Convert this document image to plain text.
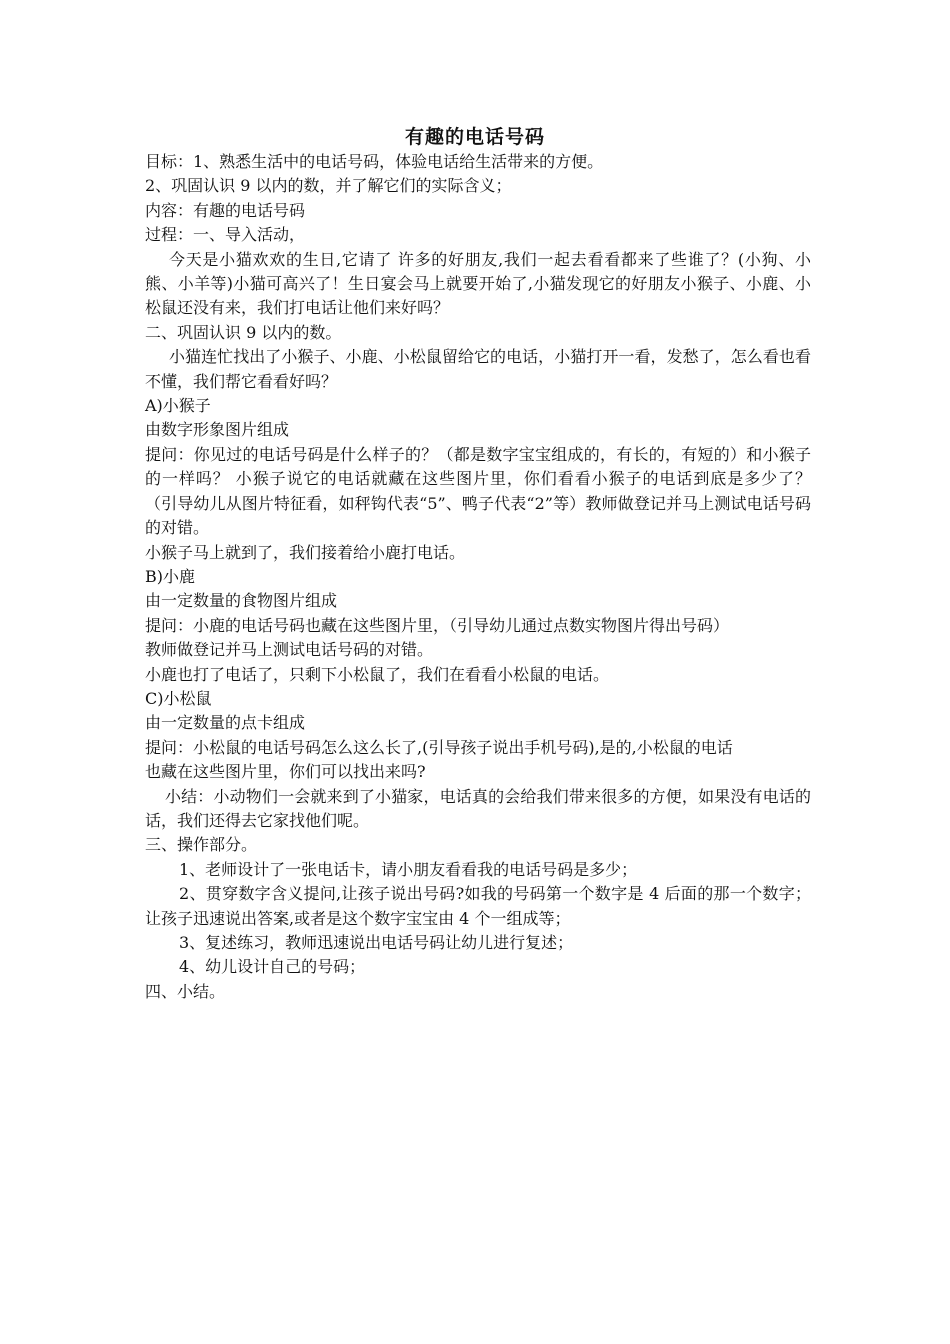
有趣的电话号码

目标：1、熟悉生活中的电话号码，体验电话给生活带来的方便。

2、巩固认识 9 以内的数，并了解它们的实际含义；

内容：有趣的电话号码

过程：一、导入活动，

今天是小猫欢欢的生日,它请了 许多的好朋友,我们一起去看看都来了些谁了？(小狗、小熊、小羊等)小猫可高兴了！生日宴会马上就要开始了,小猫发现它的好朋友小猴子、小鹿、小松鼠还没有来，我们打电话让他们来好吗？

二、巩固认识 9 以内的数。

小猫连忙找出了小猴子、小鹿、小松鼠留给它的电话，小猫打开一看，发愁了，怎么看也看不懂，我们帮它看看好吗？

A)小猴子

由数字形象图片组成

提问：你见过的电话号码是什么样子的？（都是数字宝宝组成的，有长的，有短的）和小猴子的一样吗？ 小猴子说它的电话就藏在这些图片里，你们看看小猴子的电话到底是多少了？ （引导幼儿从图片特征看，如秤钩代表“5”、鸭子代表“2”等）教师做登记并马上测试电话号码的对错。

小猴子马上就到了，我们接着给小鹿打电话。

B)小鹿

由一定数量的食物图片组成

提问：小鹿的电话号码也藏在这些图片里，（引导幼儿通过点数实物图片得出号码）

教师做登记并马上测试电话号码的对错。

小鹿也打了电话了，只剩下小松鼠了，我们在看看小松鼠的电话。

C)小松鼠

由一定数量的点卡组成

提问：小松鼠的电话号码怎么这么长了,(引导孩子说出手机号码),是的,小松鼠的电话

也藏在这些图片里，你们可以找出来吗?

小结：小动物们一会就来到了小猫家，电话真的会给我们带来很多的方便，如果没有电话的话，我们还得去它家找他们呢。

三、操作部分。

1、老师设计了一张电话卡，请小朋友看看我的电话号码是多少；

2、贯穿数字含义提问,让孩子说出号码?如我的号码第一个数字是 4 后面的那一个数字；让孩子迅速说出答案,或者是这个数字宝宝由 4 个一组成等；

3、复述练习，教师迅速说出电话号码让幼儿进行复述；

4、幼儿设计自己的号码；

四、小结。
